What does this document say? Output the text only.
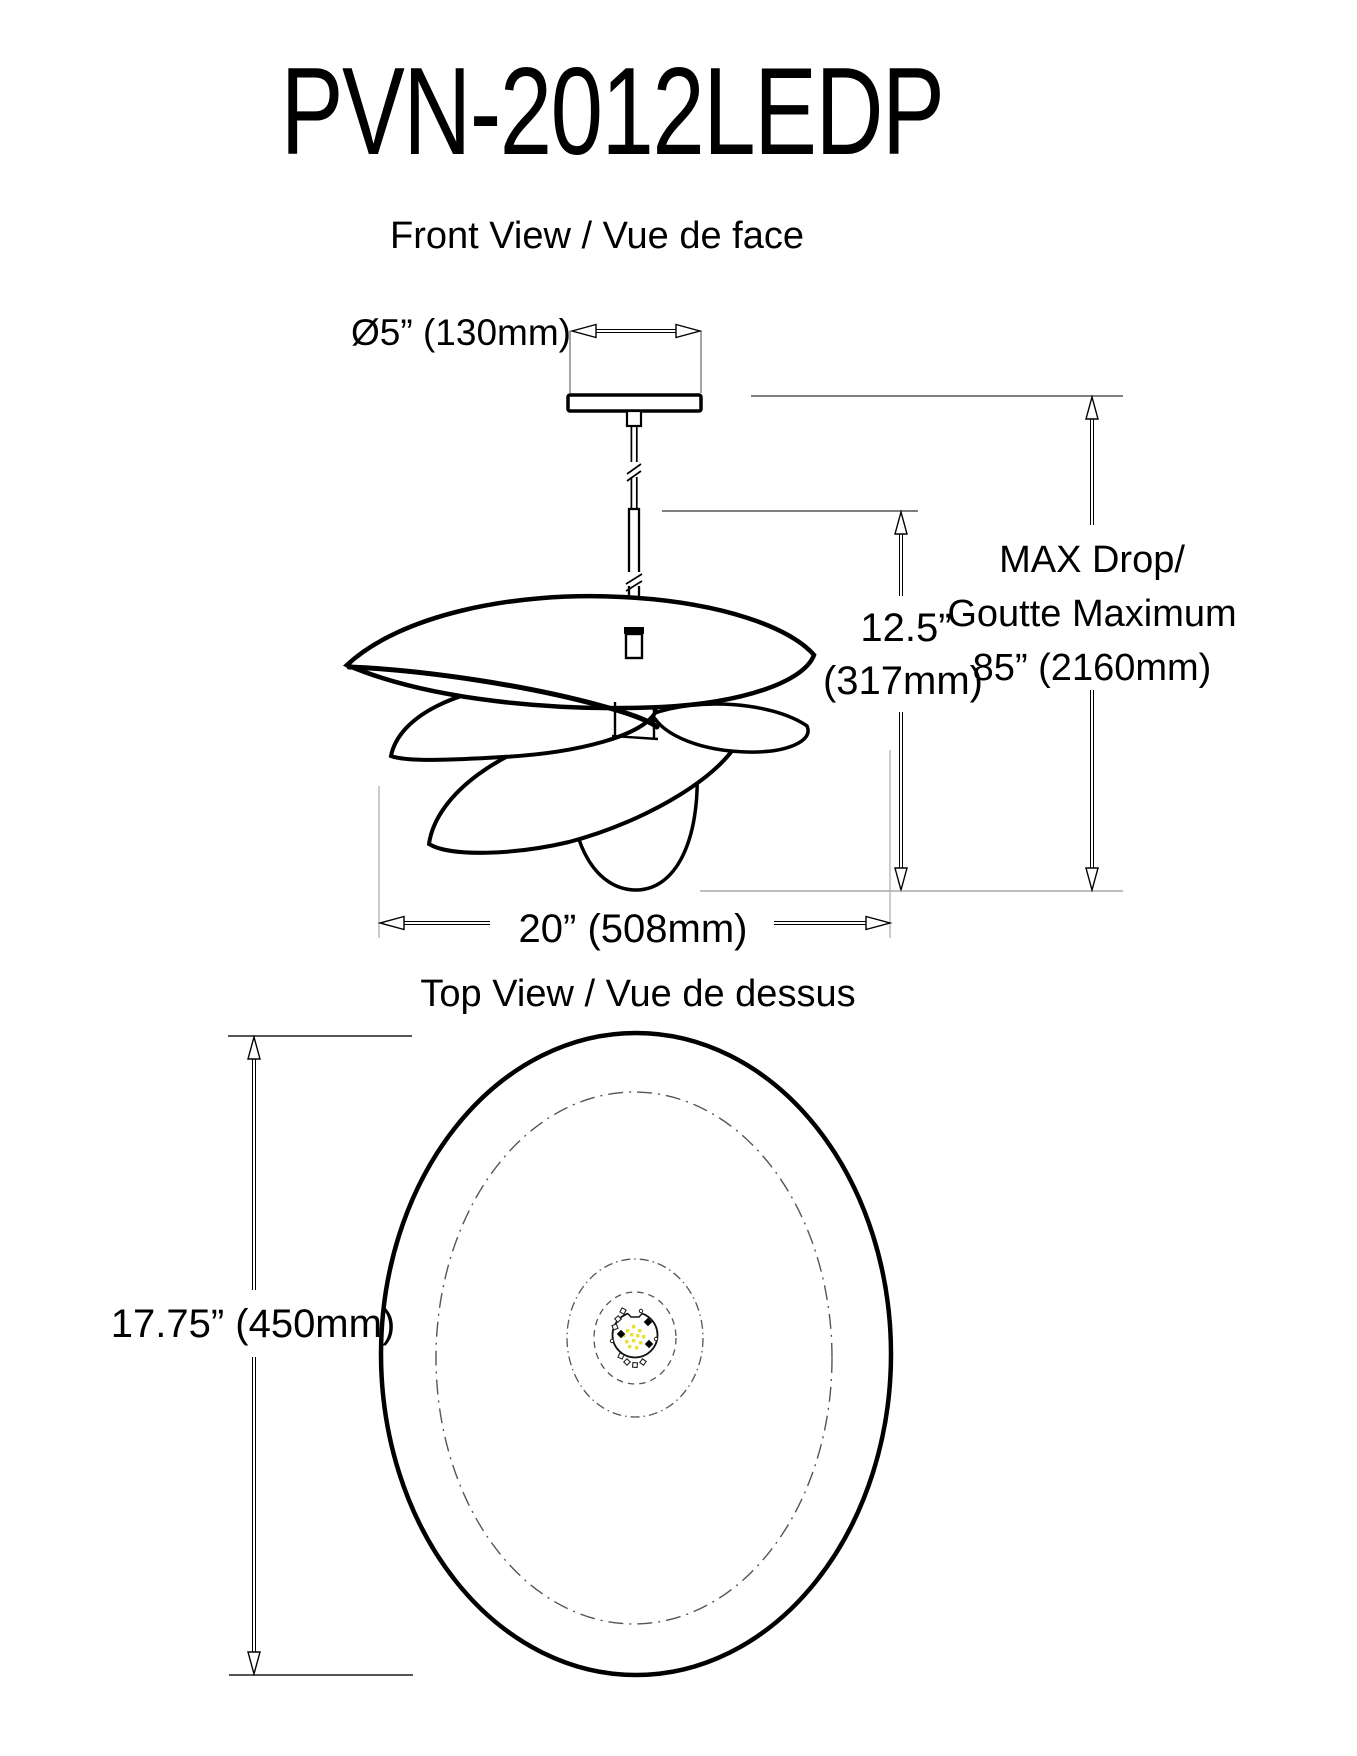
PVN-2012LEDP
Front View / Vue de face
Ø5” (130mm)
12.5”
(317mm)
MAX Drop/
Goutte Maximum
85” (2160mm)
20” (508mm)
Top View / Vue de dessus
17.75” (450mm)
